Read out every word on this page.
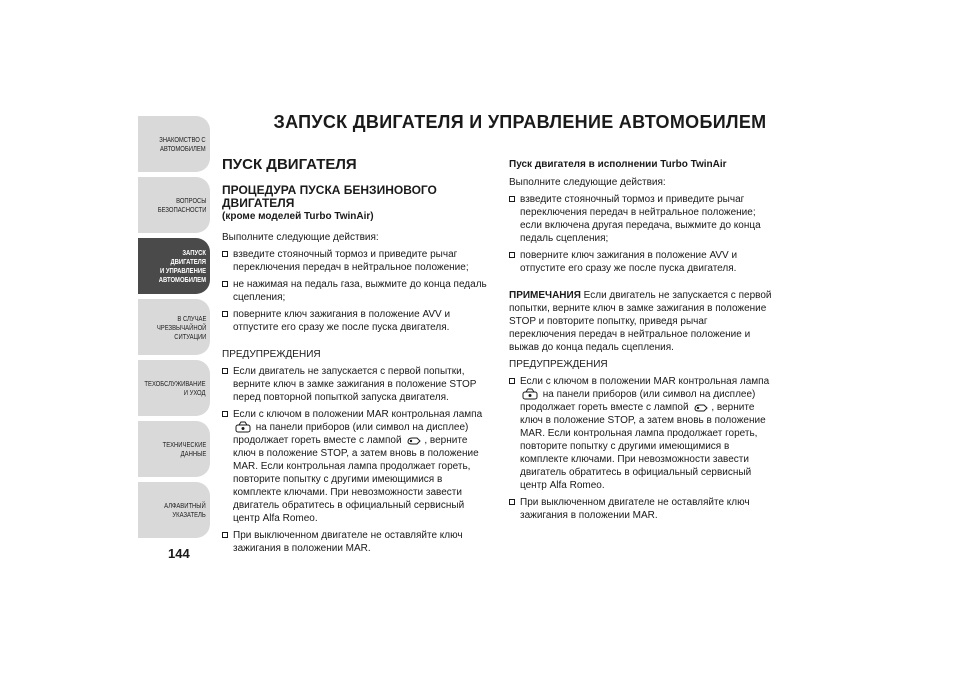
ЗНАКОМСТВО С
АВТОМОБИЛЕМ
ВОПРОСЫ
БЕЗОПАСНОСТИ
ЗАПУСК ДВИГАТЕЛЯ
И УПРАВЛЕНИЕ
АВТОМОБИЛЕМ
В СЛУЧАЕ
ЧРЕЗВЫЧАЙНОЙ
СИТУАЦИИ
ТЕХОБСЛУЖИВАНИЕ
И УХОД
ТЕХНИЧЕСКИЕ
ДАННЫЕ
АЛФАВИТНЫЙ
УКАЗАТЕЛЬ
144
ЗАПУСК ДВИГАТЕЛЯ И УПРАВЛЕНИЕ АВТОМОБИЛЕМ
ПУСК ДВИГАТЕЛЯ
ПРОЦЕДУРА ПУСКА БЕНЗИНОВОГО ДВИГАТЕЛЯ
(кроме моделей Turbo TwinAir)
Выполните следующие действия:
взведите стояночный тормоз и приведите рычаг переключения передач в нейтральное положение;
не нажимая на педаль газа, выжмите до конца педаль сцепления;
поверните ключ зажигания в положение AVV и отпустите его сразу же после пуска двигателя.
ПРЕДУПРЕЖДЕНИЯ
Если двигатель не запускается с первой попытки, верните ключ в замке зажигания в положение STOP перед повторной попыткой запуска двигателя.
Если с ключом в положении MAR контрольная лампа  на панели приборов (или символ на дисплее) продолжает гореть вместе с лампой , верните ключ в положение STOP, а затем вновь в положение MAR. Если контрольная лампа продолжает гореть, повторите попытку с другими имеющимися в комплекте ключами. При невозможности завести двигатель обратитесь в официальный сервисный центр Alfa Romeo.
При выключенном двигателе не оставляйте ключ зажигания в положении MAR.
Пуск двигателя в исполнении Turbo TwinAir
Выполните следующие действия:
взведите стояночный тормоз и приведите рычаг переключения передач в нейтральное положение; если включена другая передача, выжмите до конца педаль сцепления;
поверните ключ зажигания в положение AVV и отпустите его сразу же после пуска двигателя.
ПРИМЕЧАНИЯ Если двигатель не запускается с первой попытки, верните ключ в замке зажигания в положение STOP и повторите попытку, приведя рычаг переключения передач в нейтральное положение и выжав до конца педаль сцепления.
ПРЕДУПРЕЖДЕНИЯ
Если с ключом в положении MAR контрольная лампа  на панели приборов (или символ на дисплее) продолжает гореть вместе с лампой , верните ключ в положение STOP, а затем вновь в положение MAR. Если контрольная лампа продолжает гореть, повторите попытку с другими имеющимися в комплекте ключами. При невозможности завести двигатель обратитесь в официальный сервисный центр Alfa Romeo.
При выключенном двигателе не оставляйте ключ зажигания в положении MAR.
